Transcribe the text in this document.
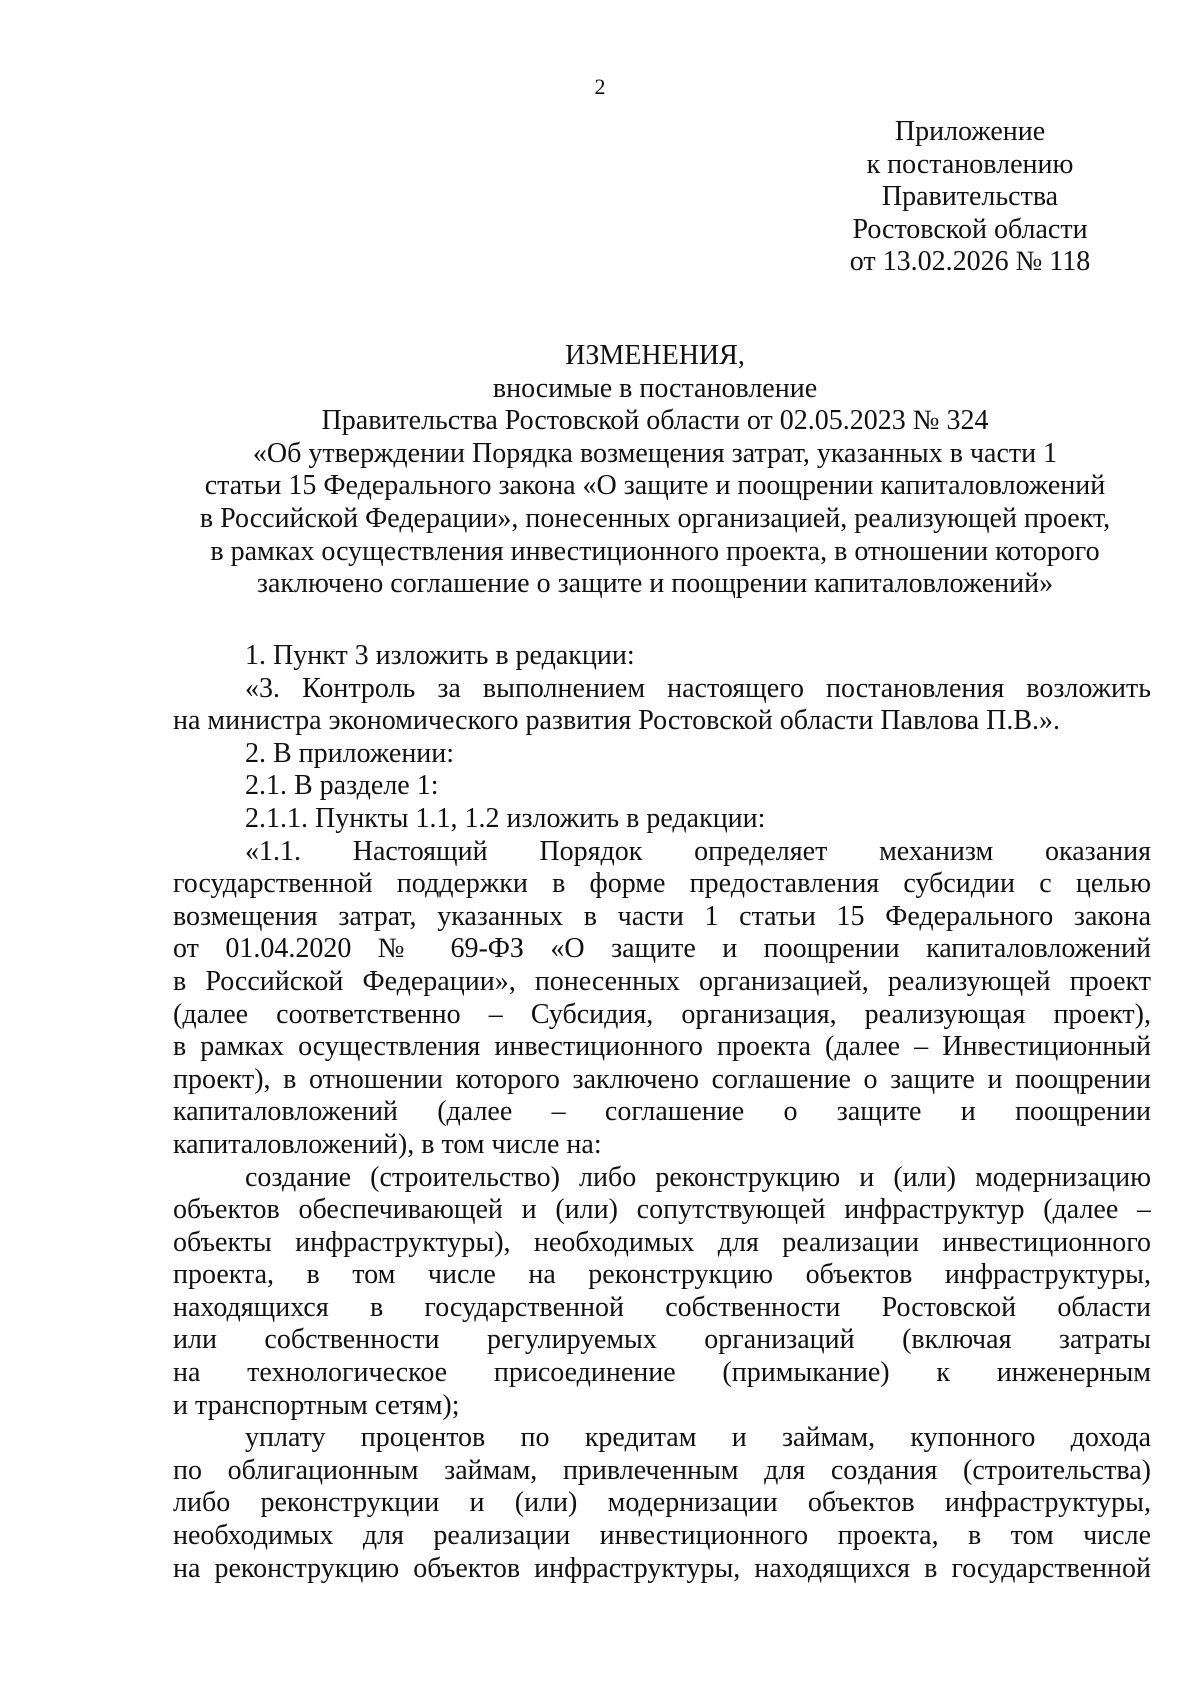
2
Приложение
к постановлению
Правительства
Ростовской области
от 13.02.2026 № 118
ИЗМЕНЕНИЯ,
вносимые в постановление
Правительства Ростовской области от 02.05.2023 № 324
«Об утверждении Порядка возмещения затрат, указанных в части 1
статьи 15 Федерального закона «О защите и поощрении капиталовложений
в Российской Федерации», понесенных организацией, реализующей проект,
в рамках осуществления инвестиционного проекта, в отношении которого
заключено соглашение о защите и поощрении капиталовложений»
1. Пункт 3 изложить в редакции:
«3. Контроль за выполнением настоящего постановления возложить
на министра экономического развития Ростовской области Павлова П.В.».
2. В приложении:
2.1. В разделе 1:
2.1.1. Пункты 1.1, 1.2 изложить в редакции:
«1.1. Настоящий Порядок определяет механизм оказания
государственной поддержки в форме предоставления субсидии с целью
возмещения затрат, указанных в части 1 статьи 15 Федерального закона
от 01.04.2020 № 69-ФЗ «О защите и поощрении капиталовложений
в Российской Федерации», понесенных организацией, реализующей проект
(далее соответственно – Субсидия, организация, реализующая проект),
в рамках осуществления инвестиционного проекта (далее – Инвестиционный
проект), в отношении которого заключено соглашение о защите и поощрении
капиталовложений (далее – соглашение о защите и поощрении
капиталовложений), в том числе на:
создание (строительство) либо реконструкцию и (или) модернизацию
объектов обеспечивающей и (или) сопутствующей инфраструктур (далее –
объекты инфраструктуры), необходимых для реализации инвестиционного
проекта, в том числе на реконструкцию объектов инфраструктуры,
находящихся в государственной собственности Ростовской области
или собственности регулируемых организаций (включая затраты
на технологическое присоединение (примыкание) к инженерным
и транспортным сетям);
уплату процентов по кредитам и займам, купонного дохода
по облигационным займам, привлеченным для создания (строительства)
либо реконструкции и (или) модернизации объектов инфраструктуры,
необходимых для реализации инвестиционного проекта, в том числе
на реконструкцию объектов инфраструктуры, находящихся в государственной
